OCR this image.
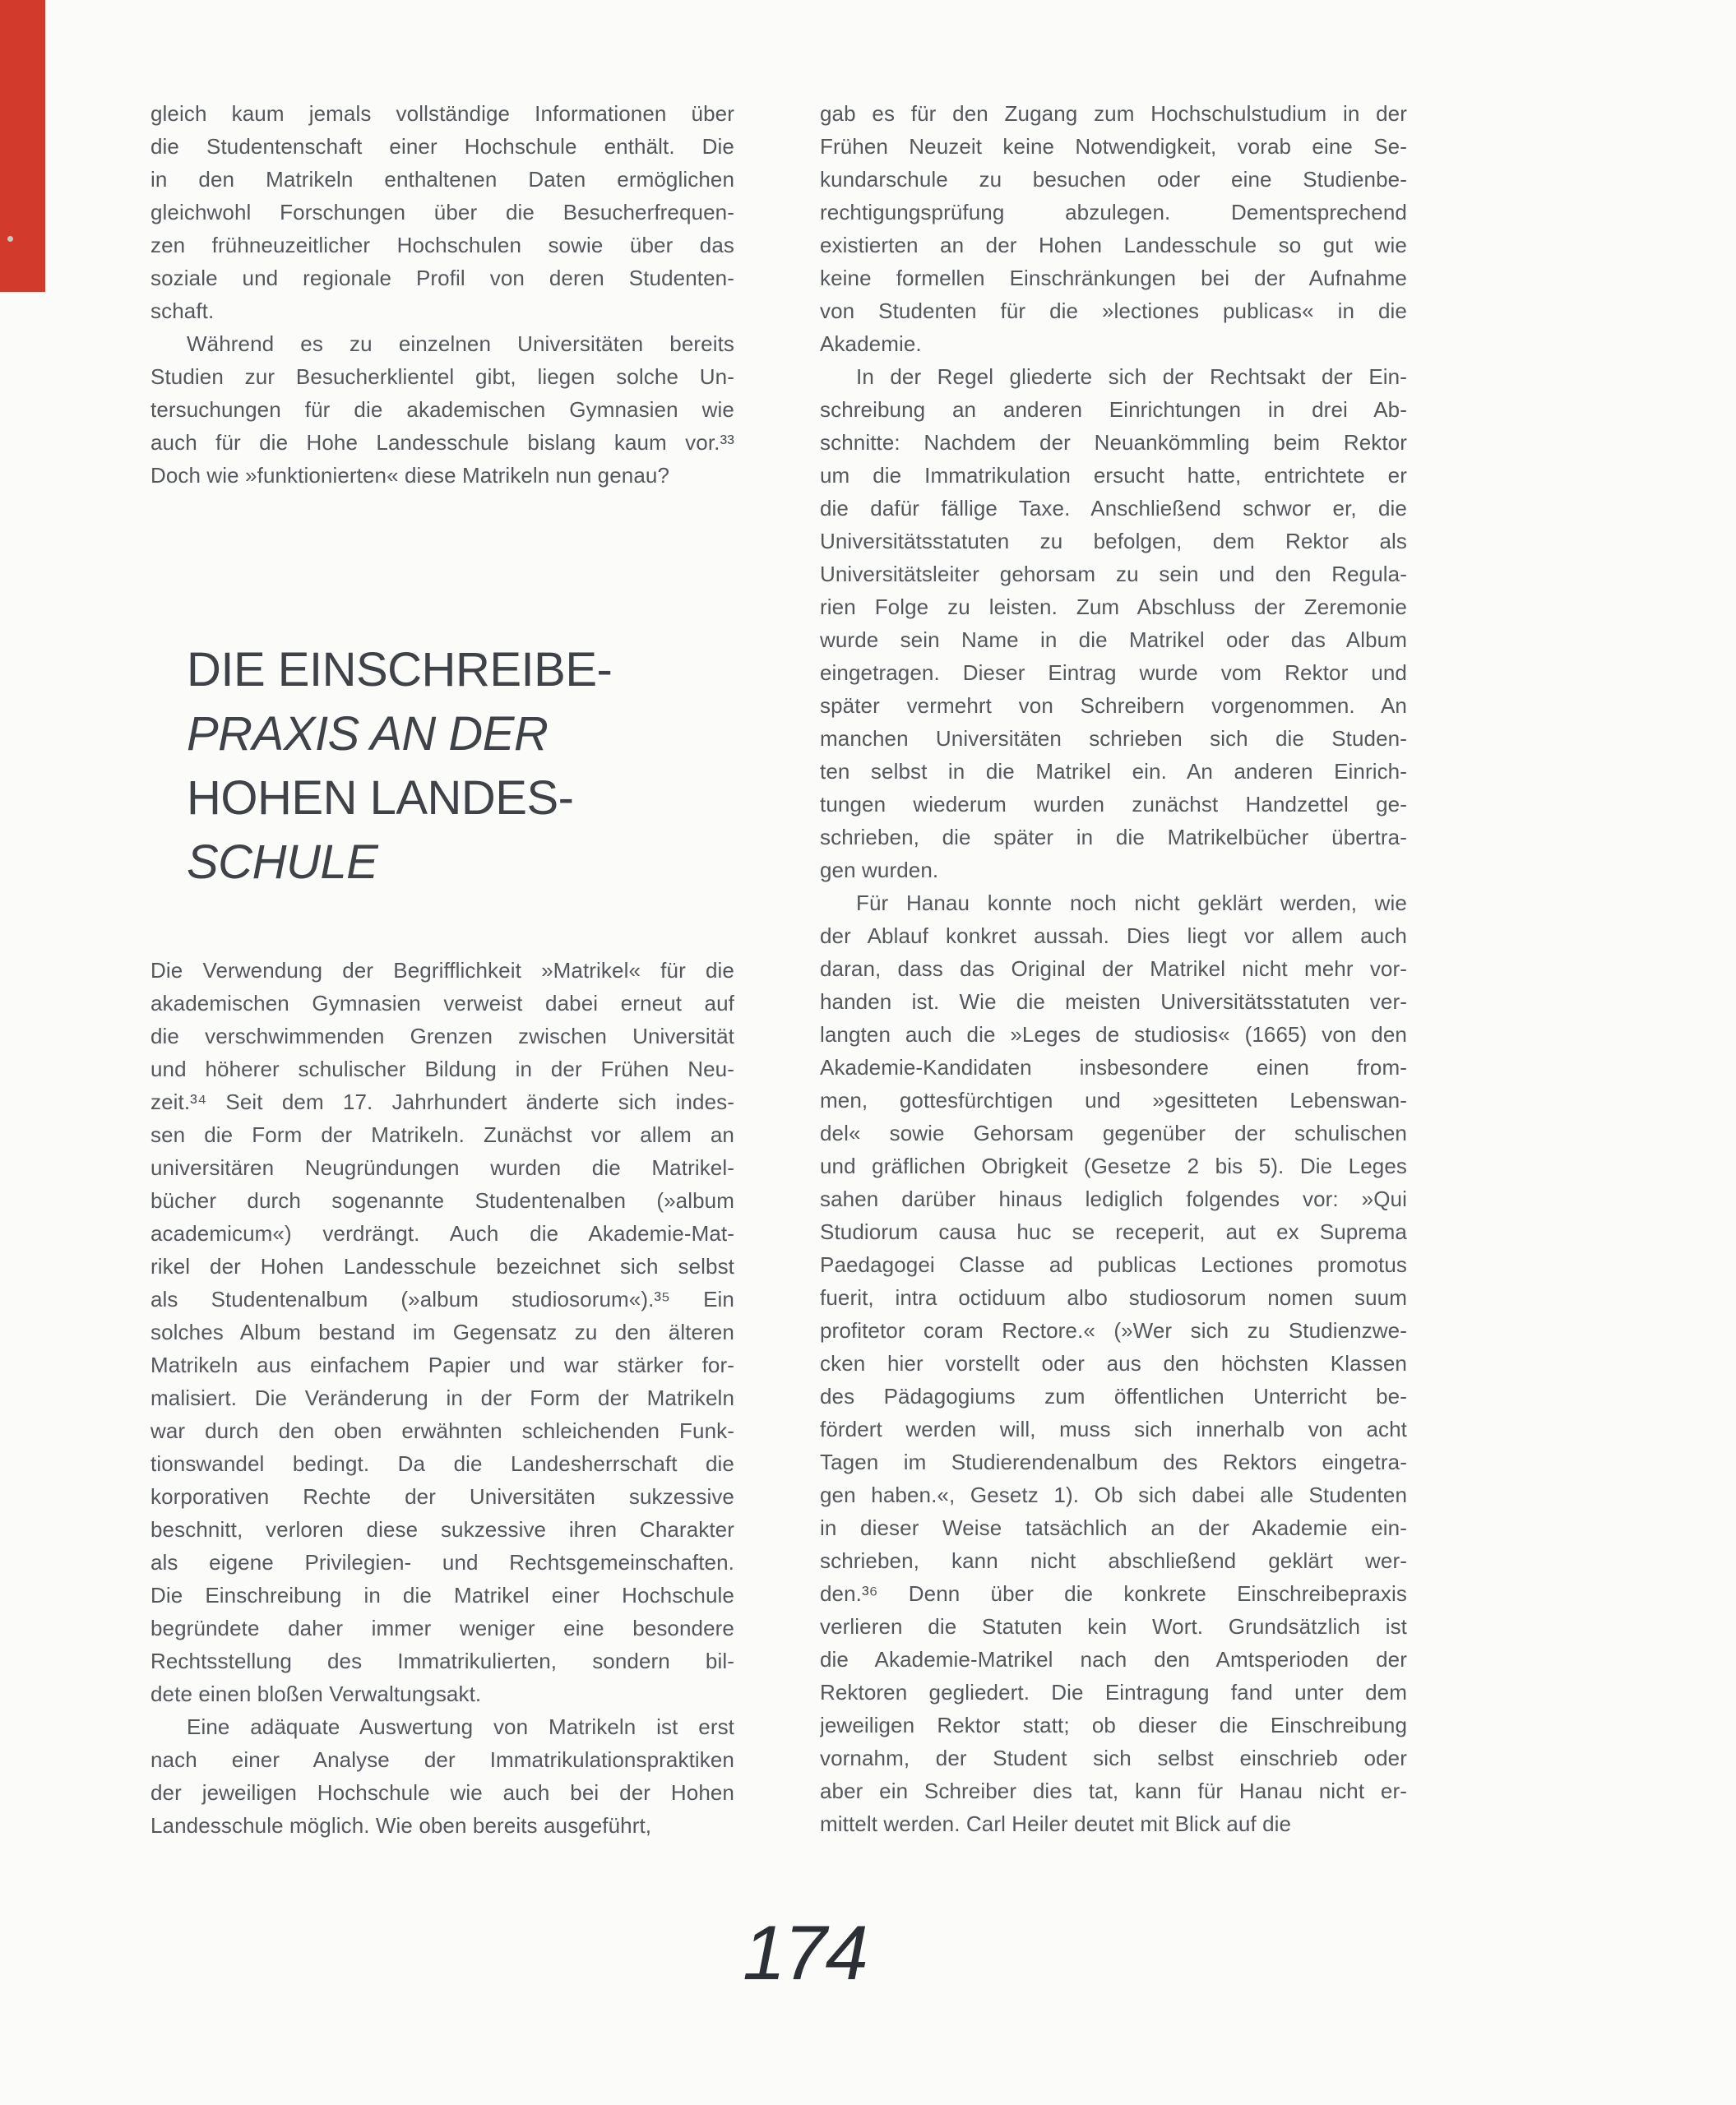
gleich kaum jemals vollständige Informationen über
die Studentenschaft einer Hochschule enthält. Die
in den Matrikeln enthaltenen Daten ermöglichen
gleichwohl Forschungen über die Besucherfrequen-
zen frühneuzeitlicher Hochschulen sowie über das
soziale und regionale Profil von deren Studenten-
schaft.

Während es zu einzelnen Universitäten bereits
Studien zur Besucherklientel gibt, liegen solche Un-
tersuchungen für die akademischen Gymnasien wie
auch für die Hohe Landesschule bislang kaum vor.³³
Doch wie »funktionierten« diese Matrikeln nun genau?

DIE EINSCHREIBE-
PRAXIS AN DER
HOHEN LANDES-
SCHULE

Die Verwendung der Begrifflichkeit »Matrikel« für die
akademischen Gymnasien verweist dabei erneut auf
die verschwimmenden Grenzen zwischen Universität
und höherer schulischer Bildung in der Frühen Neu-
zeit.³⁴ Seit dem 17. Jahrhundert änderte sich indes-
sen die Form der Matrikeln. Zunächst vor allem an
universitären Neugründungen wurden die Matrikel-
bücher durch sogenannte Studentenalben (»album
academicum«) verdrängt. Auch die Akademie-Mat-
rikel der Hohen Landesschule bezeichnet sich selbst
als Studentenalbum (»album studiosorum«).³⁵ Ein
solches Album bestand im Gegensatz zu den älteren
Matrikeln aus einfachem Papier und war stärker for-
malisiert. Die Veränderung in der Form der Matrikeln
war durch den oben erwähnten schleichenden Funk-
tionswandel bedingt. Da die Landesherrschaft die
korporativen Rechte der Universitäten sukzessive
beschnitt, verloren diese sukzessive ihren Charakter
als eigene Privilegien- und Rechtsgemeinschaften.
Die Einschreibung in die Matrikel einer Hochschule
begründete daher immer weniger eine besondere
Rechtsstellung des Immatrikulierten, sondern bil-
dete einen bloßen Verwaltungsakt.

Eine adäquate Auswertung von Matrikeln ist erst
nach einer Analyse der Immatrikulationspraktiken
der jeweiligen Hochschule wie auch bei der Hohen
Landesschule möglich. Wie oben bereits ausgeführt,

gab es für den Zugang zum Hochschulstudium in der
Frühen Neuzeit keine Notwendigkeit, vorab eine Se-
kundarschule zu besuchen oder eine Studienbe-
rechtigungsprüfung abzulegen. Dementsprechend
existierten an der Hohen Landesschule so gut wie
keine formellen Einschränkungen bei der Aufnahme
von Studenten für die »lectiones publicas« in die
Akademie.

In der Regel gliederte sich der Rechtsakt der Ein-
schreibung an anderen Einrichtungen in drei Ab-
schnitte: Nachdem der Neuankömmling beim Rektor
um die Immatrikulation ersucht hatte, entrichtete er
die dafür fällige Taxe. Anschließend schwor er, die
Universitätsstatuten zu befolgen, dem Rektor als
Universitätsleiter gehorsam zu sein und den Regula-
rien Folge zu leisten. Zum Abschluss der Zeremonie
wurde sein Name in die Matrikel oder das Album
eingetragen. Dieser Eintrag wurde vom Rektor und
später vermehrt von Schreibern vorgenommen. An
manchen Universitäten schrieben sich die Studen-
ten selbst in die Matrikel ein. An anderen Einrich-
tungen wiederum wurden zunächst Handzettel ge-
schrieben, die später in die Matrikelbücher übertra-
gen wurden.

Für Hanau konnte noch nicht geklärt werden, wie
der Ablauf konkret aussah. Dies liegt vor allem auch
daran, dass das Original der Matrikel nicht mehr vor-
handen ist. Wie die meisten Universitätsstatuten ver-
langten auch die »Leges de studiosis« (1665) von den
Akademie-Kandidaten insbesondere einen from-
men, gottesfürchtigen und »gesitteten Lebenswan-
del« sowie Gehorsam gegenüber der schulischen
und gräflichen Obrigkeit (Gesetze 2 bis 5). Die Leges
sahen darüber hinaus lediglich folgendes vor: »Qui
Studiorum causa huc se receperit, aut ex Suprema
Paedagogei Classe ad publicas Lectiones promotus
fuerit, intra octiduum albo studiosorum nomen suum
profitetor coram Rectore.« (»Wer sich zu Studienzwe-
cken hier vorstellt oder aus den höchsten Klassen
des Pädagogiums zum öffentlichen Unterricht be-
fördert werden will, muss sich innerhalb von acht
Tagen im Studierendenalbum des Rektors eingetra-
gen haben.«, Gesetz 1). Ob sich dabei alle Studenten
in dieser Weise tatsächlich an der Akademie ein-
schrieben, kann nicht abschließend geklärt wer-
den.³⁶ Denn über die konkrete Einschreibepraxis
verlieren die Statuten kein Wort. Grundsätzlich ist
die Akademie-Matrikel nach den Amtsperioden der
Rektoren gegliedert. Die Eintragung fand unter dem
jeweiligen Rektor statt; ob dieser die Einschreibung
vornahm, der Student sich selbst einschrieb oder
aber ein Schreiber dies tat, kann für Hanau nicht er-
mittelt werden. Carl Heiler deutet mit Blick auf die

174
